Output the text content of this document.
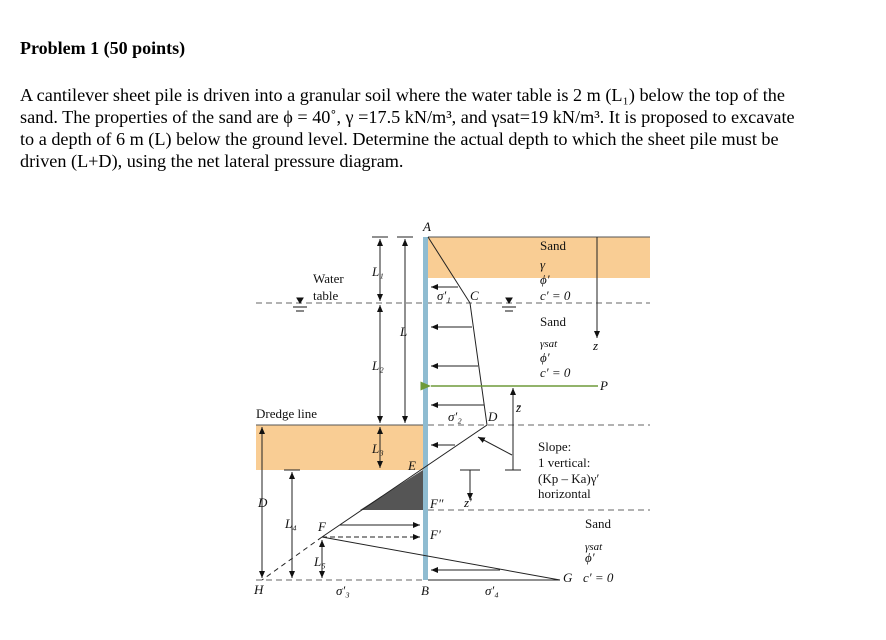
Problem 1 (50 points)
A cantilever sheet pile is driven into a granular soil where the water table is 2 m (L₁) below the top of the sand. The properties of the sand are ϕ = 40˚, γ =17.5 kN/m³, and γsat=19 kN/m³. It is proposed to excavate to a depth of 6 m (L) below the ground level. Determine the actual depth to which the sheet pile must be driven (L+D), using the net lateral pressure diagram.
A
L₁
Water
table	σ′₁ C
Sand
γ
ϕ′
c′ = 0
Sand
γsat
ϕ′
c′ = 0
z
L
L₂
P
Dredge line	σ′₂ D
z̄
L₃
E
Slope:
1 vertical:
(Kp – Ka)γ′
horizontal
D	F″ z′
L₄ F
F′
Sand
L₅
γsat
ϕ′
G c′ = 0
H	σ′₃	B	σ′₄
